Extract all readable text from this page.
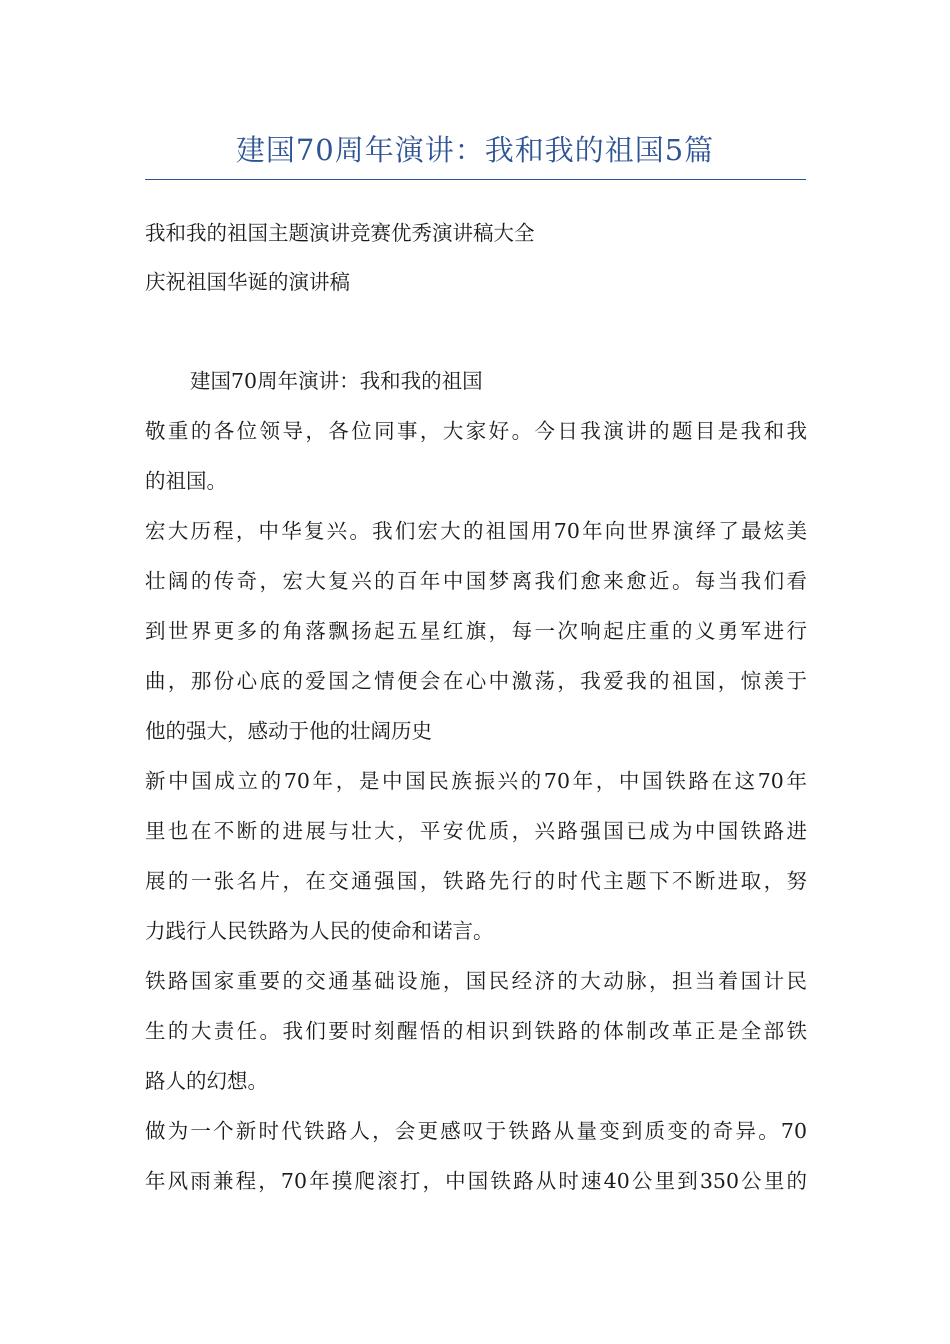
建国70周年演讲：我和我的祖国5篇
我和我的祖国主题演讲竞赛优秀演讲稿大全
庆祝祖国华诞的演讲稿
建国70周年演讲：我和我的祖国
敬重的各位领导，各位同事，大家好。今日我演讲的题目是我和我
的祖国。
宏大历程，中华复兴。我们宏大的祖国用70年向世界演绎了最炫美
壮阔的传奇，宏大复兴的百年中国梦离我们愈来愈近。每当我们看
到世界更多的角落飘扬起五星红旗，每一次响起庄重的义勇军进行
曲，那份心底的爱国之情便会在心中激荡，我爱我的祖国，惊羡于
他的强大，感动于他的壮阔历史
新中国成立的70年，是中国民族振兴的70年，中国铁路在这70年
里也在不断的进展与壮大，平安优质，兴路强国已成为中国铁路进
展的一张名片，在交通强国，铁路先行的时代主题下不断进取，努
力践行人民铁路为人民的使命和诺言。
铁路国家重要的交通基础设施，国民经济的大动脉，担当着国计民
生的大责任。我们要时刻醒悟的相识到铁路的体制改革正是全部铁
路人的幻想。
做为一个新时代铁路人，会更感叹于铁路从量变到质变的奇异。70
年风雨兼程，70年摸爬滚打，中国铁路从时速40公里到350公里的
